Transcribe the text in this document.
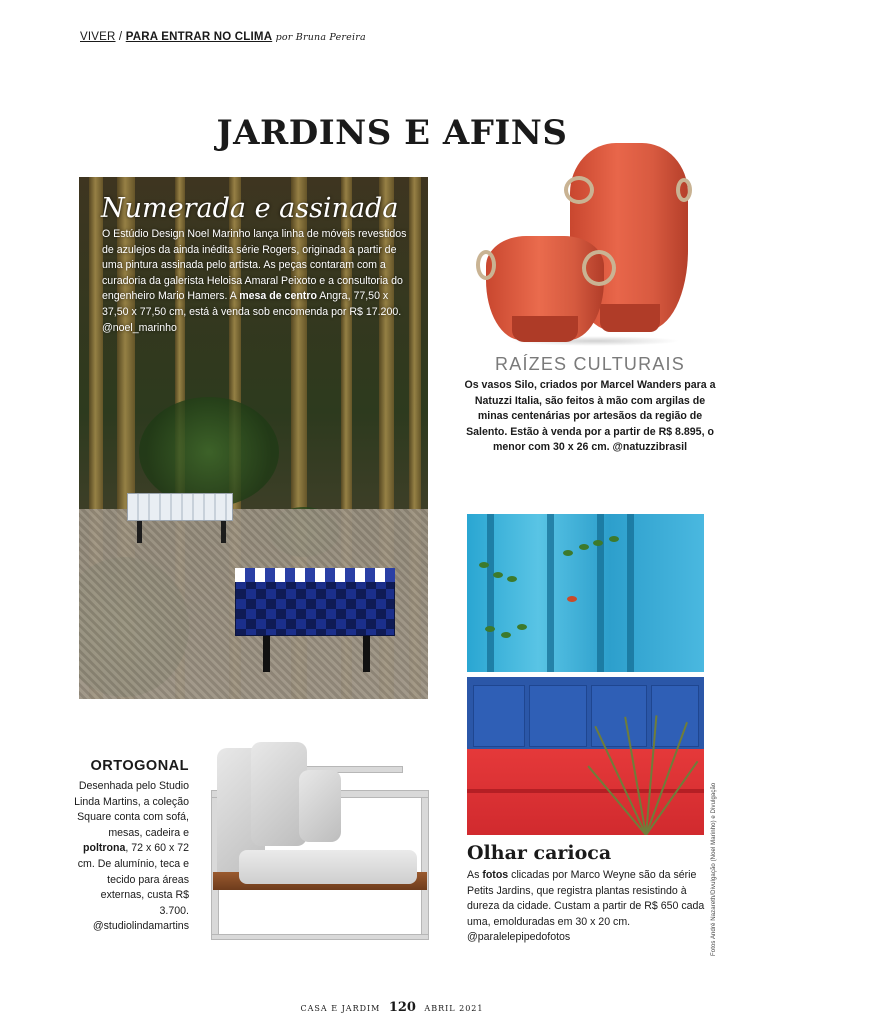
VIVER / PARA ENTRAR NO CLIMA por Bruna Pereira
JARDINS E AFINS
Numerada e assinada

O Estúdio Design Noel Marinho lança linha de móveis revestidos de azulejos da ainda inédita série Rogers, originada a partir de uma pintura assinada pelo artista. As peças contaram com a curadoria da galerista Heloisa Amaral Peixoto e a consultoria do engenheiro Mario Hamers. A mesa de centro Angra, 77,50 x 37,50 x 77,50 cm, está à venda sob encomenda por R$ 17.200. @noel_marinho

RAÍZES CULTURAIS

Os vasos Silo, criados por Marcel Wanders para a Natuzzi Italia, são feitos à mão com argilas de minas centenárias por artesãos da região de Salento. Estão à venda por a partir de R$ 8.895, o menor com 30 x 26 cm. @natuzzibrasil

Fotos André Nazareth/Divulgação (Noel Marinho) e Divulgação
Olhar carioca

As fotos clicadas por Marco Weyne são da série Petits Jardins, que registra plantas resistindo à dureza da cidade. Custam a partir de R$ 650 cada uma, emolduradas em 30 x 20 cm. @paralelepipedofotos

ORTOGONAL

Desenhada pelo Studio Linda Martins, a coleção Square conta com sofá, mesas, cadeira e poltrona, 72 x 60 x 72 cm. De alumínio, teca e tecido para áreas externas, custa R$ 3.700. @studiolindamartins

CASA E JARDIM 120 ABRIL 2021
